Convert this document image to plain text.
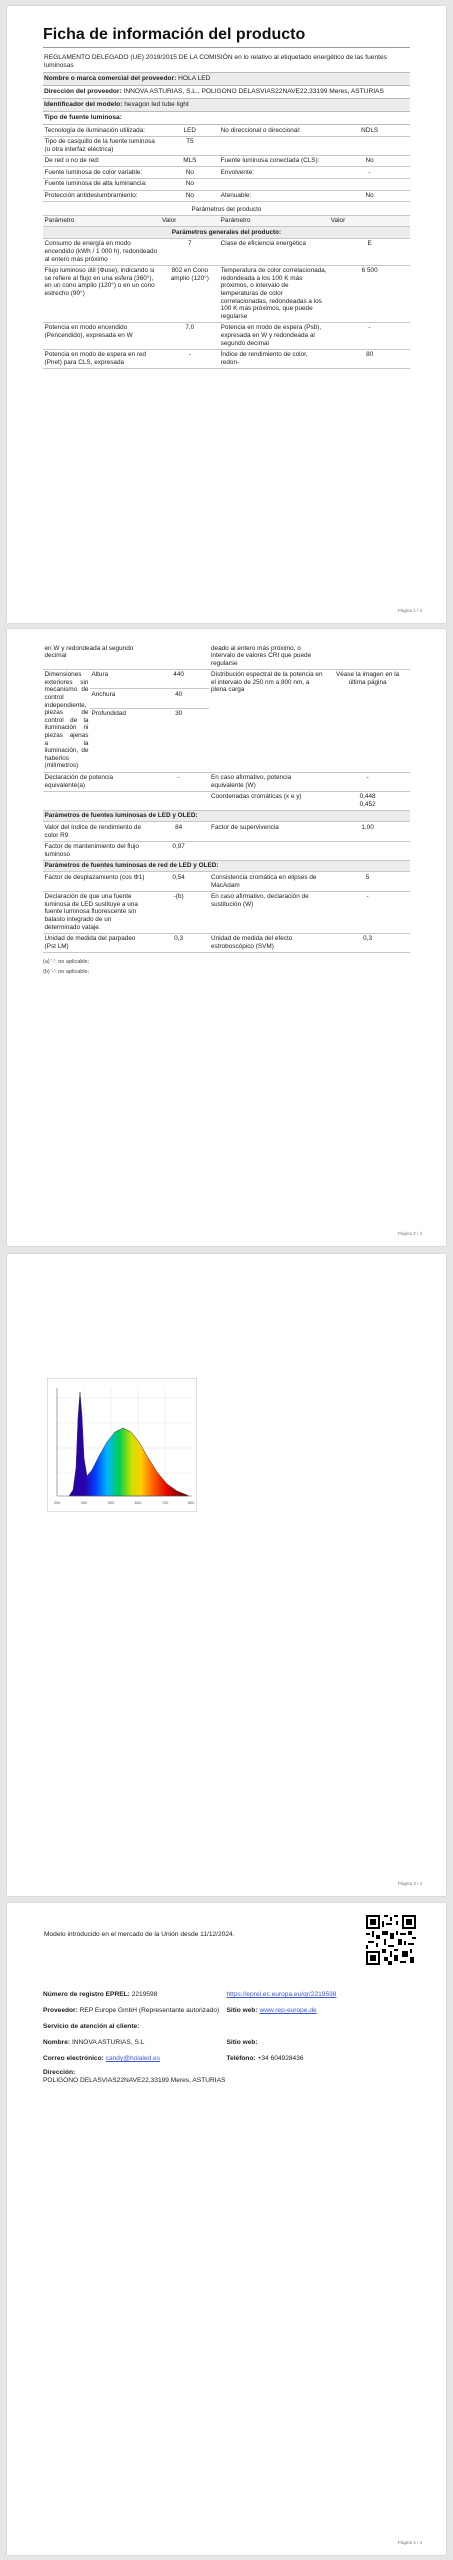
Ficha de información del producto
REGLAMENTO DELEGADO (UE) 2019/2015 DE LA COMISIÓN en lo relativo al etiquetado energético de las fuentes luminosas
Nombre o marca comercial del proveedor: HOLA LED
Dirección del proveedor: INNOVA ASTURIAS, S.L., POLIGONO DELASVIAS22NAVE22,33199 Meres, ASTURIAS
Identificador del modelo: hexagon led tube light
Tipo de fuente luminosa:
Tecnología de iluminación utilizada:	LED	No direccional o direccional:	NDLS
Tipo de casquillo de la fuente luminosa (u otra interfaz eléctrica)	T5		
De red o no de red:	MLS	Fuente luminosa conectada (CLS):	No
Fuente luminosa de color variable:	No	Envolvente:	-
Fuente luminosa de alta luminancia:	No		
Protección antideslumbramiento:	No	Atenuable:	No
Parámetros del producto			
Parámetro	Valor	Parámetro	Valor
Parámetros generales del producto:			
Consumo de energía en modo encendido (kWh / 1 000 h), redondeado al entero más próximo	7	Clase de eficiencia energética	E
Flujo luminoso útil (Φuse), indicando si se refiere al flujo en una esfera (360°), en un cono amplio (120°) o en un cono estrecho (90°)	802 en Cono amplio (120°)	Temperatura de color correlacionada, redondeada a los 100 K más próximos, o intervalo de temperaturas de color correlacionadas, redondeadas a los 100 K más próximos, que puede regularse	6 500
Potencia en modo encendido (Pencendido), expresada en W	7,0	Potencia en modo de espera (Psb), expresada en W y redondeada al segundo decimal	-
Potencia en modo de espera en red (Pnet) para CLS, expresada	-	Índice de rendimiento de color, redon-	80
Página 1 / 4
en W y redondeada al segundo decimal			deado al entero más próximo, o intervalo de valores CRI que puede regularse	
Dimensiones exteriores sin mecanismo de control independiente, piezas de control de la iluminación ni piezas ajenas a la iluminación, de haberlos (milímetros)	Altura	440	Distribución espectral de la potencia en el intervalo de 250 nm a 800 nm, a plena carga	Véase la imagen en la última página
	Anchura	40		
	Profundidad	30		
Declaración de potencia equivalente(a)		-	En caso afirmativo, potencia equivalente (W)	-
			Coordenadas cromáticas (x e y)	0,448
0,452
Parámetros de fuentes luminosas de LED y OLED:				
Valor del índice de rendimiento de color R9		84	Factor de supervivencia	1,00
Factor de mantenimiento del flujo luminoso		0,97		
Parámetros de fuentes luminosas de red de LED y OLED:				
Factor de desplazamiento (cos Φ1)		0,54	Consistencia cromática en elipses de MacAdam	5
Declaración de que una fuente luminosa de LED sustituye a una fuente luminosa fluorescente sin balasto integrado de un determinado vataje.		-(b)	En caso afirmativo, declaración de sustitución (W)	-
Unidad de medida del parpadeo (Pst LM)		0,3	Unidad de medida del efecto estroboscópico (SVM)	0,3
(a) '-': no aplicable;
(b) '-': no aplicable;
Página 2 / 4
300	400	500	600	700	800
Página 3 / 4
Modelo introducido en el mercado de la Unión desde 11/12/2024.
Número de registro EPREL: 2219598	https://eprel.ec.europa.eu/qr/2219598
Proveedor: REP Europe GmbH (Representante autorizado)	Sitio web: www.rep-europe.de
Servicio de atención al cliente:
Nombre: INNOVA ASTURIAS, S.L	Sitio web:
Correo electrónico: candy@holaled.es	Teléfono: +34 604928436
Dirección:
POLIGONO DELASVIAS22NAVE22,33199 Meres, ASTURIAS
Página 4 / 4
